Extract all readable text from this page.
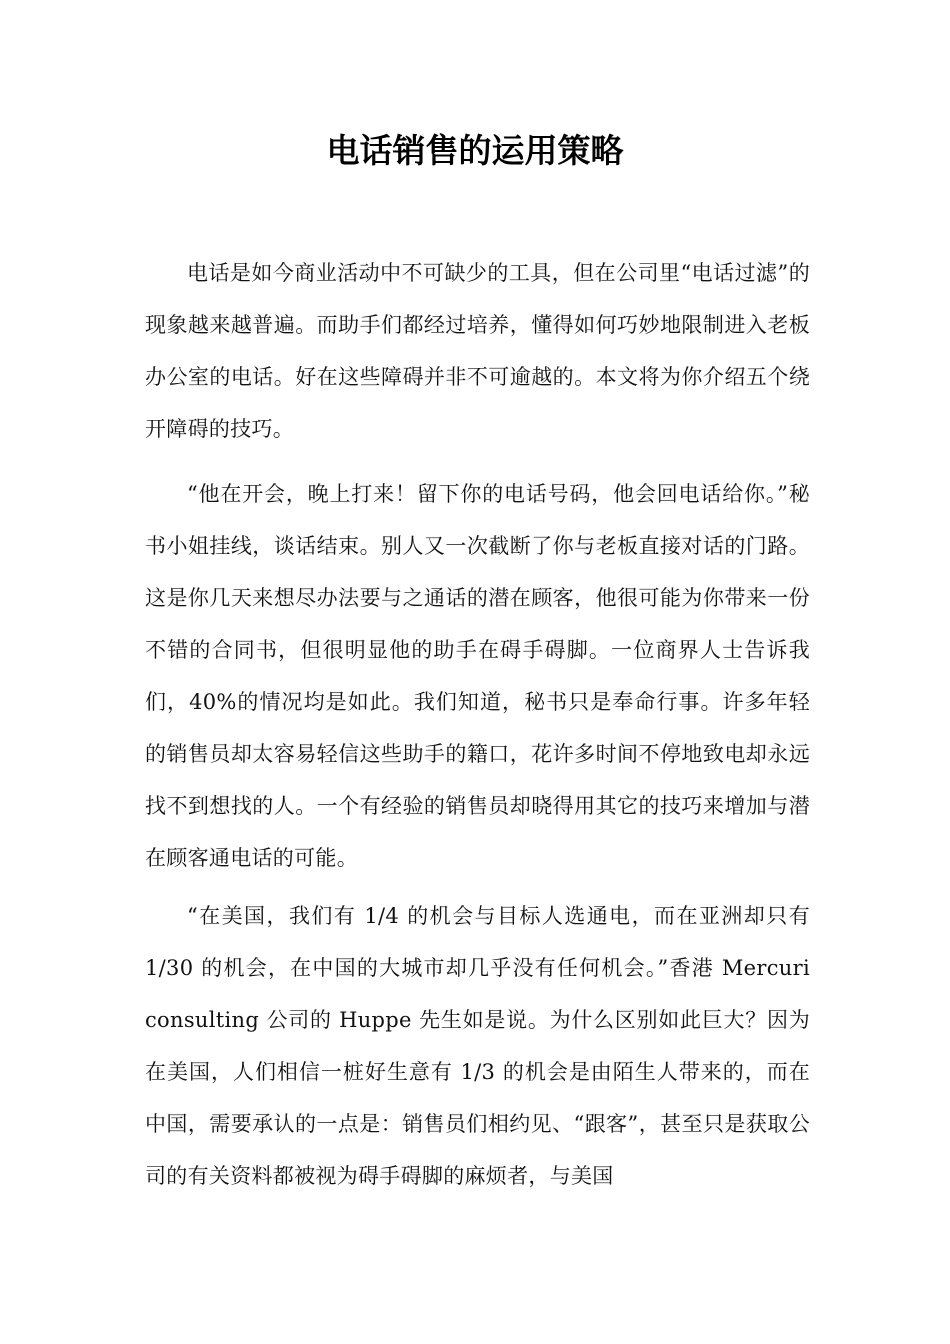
电话销售的运用策略

电话是如今商业活动中不可缺少的工具，但在公司里“电话过滤”的现象越来越普遍。而助手们都经过培养，懂得如何巧妙地限制进入老板办公室的电话。好在这些障碍并非不可逾越的。本文将为你介绍五个绕开障碍的技巧。

“他在开会，晚上打来！留下你的电话号码，他会回电话给你。”秘书小姐挂线，谈话结束。别人又一次截断了你与老板直接对话的门路。这是你几天来想尽办法要与之通话的潜在顾客，他很可能为你带来一份不错的合同书，但很明显他的助手在碍手碍脚。一位商界人士告诉我们，40%的情况均是如此。我们知道，秘书只是奉命行事。许多年轻的销售员却太容易轻信这些助手的籍口，花许多时间不停地致电却永远找不到想找的人。一个有经验的销售员却晓得用其它的技巧来增加与潜在顾客通电话的可能。

“在美国，我们有 1/4 的机会与目标人选通电，而在亚洲却只有 1/30 的机会，在中国的大城市却几乎没有任何机会。”香港 Mercuri consulting 公司的 Huppe 先生如是说。为什么区别如此巨大？因为在美国，人们相信一桩好生意有 1/3 的机会是由陌生人带来的，而在中国，需要承认的一点是：销售员们相约见、“跟客”，甚至只是获取公司的有关资料都被视为碍手碍脚的麻烦者，与美国
